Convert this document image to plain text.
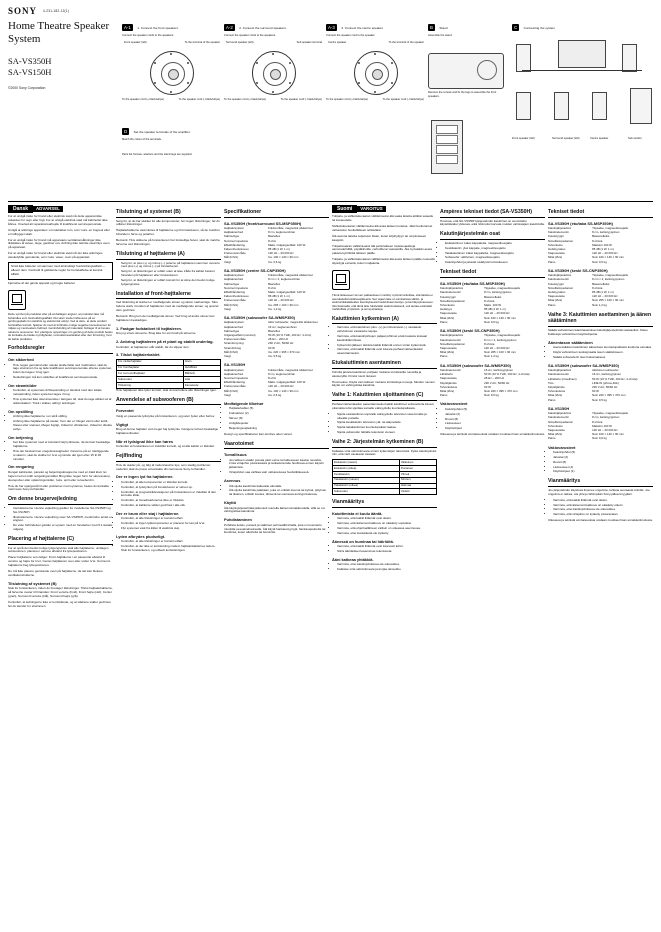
SONY 4-231-182-12(1)
Home Theatre Speaker System
SA-VS350H
SA-VS150H
©2000 Sony Corporation
A-1 1. Connect the front speakers.
Connect the speaker cords to the speakers.
Front speaker (left)	To the terminal of the speaker
To the speaker cord (+ black/stripe)	To the speaker cord (- black/stripe)
A-2 2. Connect the surround speakers.
Connect the speaker cords to the speakers.
Surround speaker (left)	Sub speaker terminal
To the speaker cord (+ black/stripe)	To the speaker cord (- black/stripe)
A-3 3. Connect the centre speaker.
Connect the speaker cord to the speaker.
Centre speaker	To the terminal of the speaker
To the speaker cord (+ black/stripe)	To the speaker cord (- black/stripe)
B Stand
Assemble the stand.
Remove the screws and fix the legs to assemble the front speakers.
C Connecting the system
Front speaker (left)	Surround speaker (left)	Centre speaker	Sub woofer
D Set the speaker terminals of the amplifier.
Match the colour of the terminals.
Parts list Screws, washers and the stand legs are supplied.
Dansk ADVARSEL

For at undgå risiko for brand eller elektrisk stød må dette apparat ikke udsættes for regn eller fugt. For at undgå elektrisk stød må kabinettet ikke åbnes. Overlad alt reparationsarbejde til kvalificeret servicepersonale.

Undgå at anbringe apparatet i et indelukket rum, som f.eks. en bogreol eller et indbygget skab.

For at undgå risiko for brand må apparatets ventilationsåbninger ikke tildækkes af aviser, duge, gardiner osv. Anbring ikke tændte stearinlys oven på apparatet.

For at undgå risiko for brand eller elektrisk stød må der ikke anbringes væskefyldte genstande, som f.eks. vaser, oven på apparatet.

Smid ikke batterier ud sammen med almindeligt husholdningsaffald — aflever dem i henhold til gældende regler for bortskaffelse af kemisk affald.

Fjernelse af det gamle apparat og brugte batterier

Dette symbol på produktet eller på emballagen angiver, at produktet ikke må behandles som husholdningsaffald. Det skal i stedet indleveres på en genbrugsplads for elektrisk og elektronisk udstyr. Ved at sikre, at dette produkt bortskaffes korrekt, hjælper du med at forhindre mulige negative konsekvenser for miljøet og menneskers helbred. Genindvinding af materialer bidrager til at bevare naturens ressourcer. For yderligere oplysninger om genbrug af dette produkt bedes du kontakte de lokale myndigheder, renovationsselskabet eller den forretning, hvor du købte produktet.

Forholdsregler
Om sikkerhed
• Hvis nogen genstand eller væske skulle falde ned i kabinettet, skal du tage strømmen fra og lade kvalificeret servicepersonale efterse systemet, inden det tages i brug igen.
• Netledningen må kun udskiftes af kvalificeret servicepersonale.
Om strømkilder
• Kontrollér, at systemets driftsspænding er identisk med den lokale netspænding, inden systemet tages i brug.
• Hvis systemet ikke skal anvendes i længere tid, skal du tage stikket ud af stikkontakten. Træk i stikket, aldrig i ledningen.
Om opstilling
• Anbring ikke højttalerne i en skrå stilling.
• Anbring ikke højttalerne på steder, hvor der er: Meget varmt eller koldt, Støvet eller snavset, Meget fugtigt, Udsat for vibrationer, Udsat for direkte sollys.
Om betjening
• Kør ikke systemet med et konstant højt lydniveau, da det kan beskadige højttalerne.
• Hvis der forekommer uregelmæssigheder i farverne på en nærliggende tv-skærm, skal du slukke for tv'et og tænde det igen efter 15 til 30 minutter.
Om rengøring

Rengør kabinettet, panelet og betjeningsknapperne med en blød klud, let fugtet med et mildt rengøringsmiddel. Brug ikke nogen form for skuresvamp, skurepulver eller opløsningsmidler, f.eks. sprit eller rensebenzin.

Hvis du har spørgsmål til eller problemer med systemet, bedes du kontakte nærmeste Sony-forhandler.

Om denne brugervejledning
• Instruktionerne i denne vejledning gælder for modellerne SA-VS350H og SA-VS150H.
• Illustrationerne i denne vejledning viser SA-VS350H, medmindre andet er angivet.
• De viste forbindelser gælder et system med en forstærker med 5.1-kanals udgang.
Placering af højttalerne (C)

For at opnå den bedst mulige lydgengivelse skal alle højttalerne, undtagen subwooferen, placeres i samme afstand fra lyttepositionen.

Placer højttalerne som følger: Front-højttalerne i en passende afstand til venstre og højre for tv'et. Center-højttaleren over eller under tv'et. Surround-højttalerne bag lyttepositionen.

Du må ikke placere genstande oven på højttalerne, da det kan blokere ventilationshullerne.

Tilslutning af systemet (B)

Sluk for forstærkeren, inden du foretager tilslutninger. Tilslut højttalerkablerne, så farverne svarer til hinanden: Front venstre (hvid), Front højre (rød), Center (grøn), Surround venstre (blå), Surround højre (grå).

Kontrollér, at ledningerne ikke er kortsluttede, og at stikkene sidder godt fast, før du tænder for strømmen.

Tilslutning af systemet (B)

Sørg for, at du har slukket for alle komponenter, før nogen tilslutninger, før du udfører tilslutninger.

Højttalerkablerne skal sluttes til højttalerne og til forstærkeren, så de matcher hinanden i farve og polaritet.

Bemærk: Hvis stikkene på forstærkeren har forskellige farver, skal du matche farverne ved tilslutningen.

Tilslutning af højttalerne (A)
• Sørg for, at plus (+) og minus (–) polerne på højttaleren stemmer overens med plus (+) og minus (–) på forstærkeren.
• Sørg for, at tilslutningen er udført uden at løse tråde fra kablet berører hinanden på højttaleren eller forstærkeren.
• Sørg for, at tilslutningen er udført korrekt for at sikre den bedst mulige lydgengivelse.
Installation af front-højttalerne

Ved tilslutning af stativet er medfølgende skruer og skiver nødvendige. Skru fodens stativ i bunden af højttaleren med de medfølgende skruer, og spænd dem godt fast.

Bemærk: Brug kun de medfølgende skruer. Ved brug af andre skruer kan højttaleren beskadiges.

1. Fastgør fodstativet til højttaleren.

Drej og stram skruerne. Brug ikke for stor kraft på skruerne.

2. Anbring højttaleren på et plant og stabilt underlag.

Kontrollér, at højttaleren står stabilt, før du slipper den.

3. Tilslut højttalerkablet.
For midterhøjttaler	Grøn
For fronthøjttaler	Hvid/Rød
For surroundhøjttaler	Blå/Grå
Subwoofer	Lilla
Tilslutning	Farvekode

Hvis højttaleren ikke lyder korrekt, skal du kontrollere alle tilslutninger igen.

Anvendelse af subwooferen (B)
Forventet

Vælg en passende lydstyrke på forstærkeren, og justér lyden efter behov.

Vigtigt

Brug af denne højttaler ved meget høj lydstyrke i længere tid kan beskadige højttalerenheden.

Når et lydsignal ikke kan høres

Kontrollér at forstærkeren er indstillet korrekt, og at alle kabler er tilsluttet.

Fejlfinding

Hvis du støder på, og følg af nedennævnte tips, som stadig problemer, nedenfor skal du prøve at kontakte din nærmeste Sony-forhandler.

Der er ingen lyd fra højttalerne.
• Kontrollér, at alle komponenter er tilsluttet korrekt.
• Kontrollér, at lydstyrken på forstærkeren er skruet op.
• Kontrollér, at programkildevælgeren på forstærkeren er indstillet til den korrekte kilde.
• Kontrollér, at hovedtelefonerne ikke er tilsluttet.
• Kontrollér, at kablerne sidder godt fast i alle stik.
Der er brum eller støj i højttalerne.
• Kontrollér, at alle tilslutninger er korrekt udført.
• Kontrollér, at ingen lydkomponenter er placeret for tæt på tv'et.
• Flyt systemet væk fra kilder til elektrisk støj.
Lyden afbrydes pludseligt.
• Kontrollér, at alle tilslutninger er korrekt udført.
• Kontrollér, at der ikke er kortslutning mellem højttalerkablernes ledere. Sluk for forstærkeren, og udbedr kortslutningen.
Specifikationer
SA-VS350H (front/surround SS-MSP350H)
Højttalersystem	Fuldområde, magnetisk afskærmet
Højttalerenhed	8 cm, keglemembran
Kabinettype	Basreflex
Nominel impedans	8 ohm
Effekthåndtering	Maks. indgangseffekt: 100 W
Følsomhedsniveau	85 dB (1 W, 1 m)
Frekvensområde	120 Hz – 20 000 Hz
Mål (b/h/d)	Ca. 100 × 140 × 90 mm
Vægt	Ca. 0,6 kg
SA-VS350H (centre SS-CNP350H)
Højttalersystem	Fuldområde, magnetisk afskærmet
Højttalerenhed	8 cm × 2, keglemembran
Kabinettype	Basreflex
Nominel impedans	8 ohm
Effekthåndtering	Maks. indgangseffekt: 100 W
Følsomhedsniveau	86 dB (1 W, 1 m)
Frekvensområde	120 Hz – 20 000 Hz
Mål (b/h/d)	Ca. 265 × 100 × 90 mm
Vægt	Ca. 1,2 kg
SA-VS350H (subwoofer SA-WMSP350)
Højttalersystem	Aktiv subwoofer, magnetisk afskærmet
Højttalerenhed	16 cm, keglemembran
Kabinettype	Basreflex
Udgangseffekt (nominel)	50 W (10 % THD, 100 Hz, 4 ohm)
Frekvensområde	28 Hz – 200 Hz
Strømforsyning	230 V AC, 50/60 Hz
Strømforbrug	60 W
Mål (b/h/d)	Ca. 220 × 395 × 370 mm
Vægt	Ca. 9,5 kg
SA-VS150H
Højttalersystem	Fuldområde, magnetisk afskærmet
Højttalerenhed	8 cm, keglemembran
Nominel impedans	8 ohm
Effekthåndtering	Maks. indgangseffekt: 100 W
Frekvensområde	120 Hz – 20 000 Hz
Mål (b/h/d)	Ca. 100 × 140 × 90 mm
Vægt	Ca. 0,6 kg
Medfølgende tilbehør
• Højttalerkabler (5)
• Fodstativer (2)
• Skruer (8)
• Antiglidepuder
• Betjeningsvejledning

Design og specifikationer kan ændres uden varsel.

Vaarotoimet
Turvallisuus
• Jos laitteen sisään putoaa jokin esine tai laitteeseen kaatuu nestettä, irrota virtajohto pistorasiasta ja tarkastuta laite huollossa ennen käytön jatkamista.
• Virtajohdon saa vaihtaa vain valtuutetussa huoltoliikkeessä.
Asennus
• Älä sijoita kaiuttimia kaltevalle alustalle.
• Älä sijoita kaiuttimia paikkaan, joka on erittäin kuuma tai kylmä, pölyinen tai likainen, erittäin kostea, tärisevä tai suorassa auringonvalossa.
Käyttö

Älä käytä järjestelmää jatkuvasti suurella äänenvoimakkuudella, sillä se voi vahingoittaa kaiuttimia.

Puhdistaminen

Puhdista kotelo, paneeli ja säätimet pehmeällä liinalla, joka on kostutettu miedolla pesuaineliuoksella. Älä käytä hankaustyynyjä, hankausjauhetta tai liuottimia, kuten alkoholia tai bensiiniä.

Suomi VAROITUS

Tulipalo- ja sähköiskuvaaran välttämiseksi älä saata laitetta alttiiksi sateelle tai kosteudelle.

Sähköiskuvaaran välttämiseksi älä avaa laitteen koteloa. Jätä huoltotoimet valtuutetun huoltoliikkeen tehtäväksi.

Älä asenna laitetta suljettuun tilaan, kuten kirjahyllyyn tai umpinaiseen kaappiin.

Tulipalovaaran välttämiseksi älä peitä laitteen tuuletusaukkoja sanomalehdillä, pöytäliinoilla, verhoilla tai vastaavilla. Älä myöskään aseta palavia kynttilöitä laitteen päälle.

Tulipalo- ja sähköiskuvaaran välttämiseksi älä aseta laitteen päälle nesteellä täytettyjä esineitä, kuten maljakoita.

Tämä laitteeseen tai sen pakkaukseen merkitty symboli tarkoittaa, että laitetta ei saa käsitellä kotitalousjätteenä. Sen sijaan laite on toimitettava sähkö- ja elektroniikkalaitteiden kierrätyksestä huolehtivaan keräys- ja kierrätyspisteeseen. Varmistamalla, että tämä laite hävitetään asianmukaisesti, voit auttaa estämään mahdollisia ympäristö- ja terveyshaittoja.

Kaiuttimien kytkeminen (A)
• Varmista, että kaiuttimen plus- (+) ja miinusnavat (–) vastaavat vahvistimen vastaavia napoja.
• Varmista, että kaiutinjohtojen paljaat johtimet eivät kosketa toisiaan kaiutinliitännöissä.
• Kytkennän jälkeen tarkista kaikki liitännät ennen virran kytkemistä.
• Varmista, että kaikki liitännät ovat tukevia parhaan äänenlaadun saavuttamiseksi.
Etukaiuttimien asentaminen

Kiinnitä jalusta kaiuttimen pohjaan mukana toimitetuilla ruuveilla ja aluslevyillä. Kiristä ruuvit tiukasti.

Huomautus: Käytä vain laitteen mukana toimitettuja ruuveja. Muiden ruuvien käyttö voi vahingoittaa kaiutinta.

Vaihe 1: Kaiuttimien sijoittaminen (C)

Parhaan äänenlaadun saavuttamiseksi kaikki kaiuttimet subwooferia lukuun ottamatta tulisi sijoittaa samalle etäisyydelle kuuntelupaikasta.

• Sijoita etukaiuttimet sopivalle etäisyydelle television vasemmalle ja oikealle puolelle.
• Sijoita keskikaiutin television ylä- tai alapuolelle.
• Sijoita takakaiuttimet kuuntelupaikan taakse.
• Sijoita subwoofer lattialle television viereen.
Vaihe 2: Järjestelmän kytkeminen (B)

Katkaise virta vahvistimesta ennen kytkentöjen tekemistä. Kytke kaiutinjohdot niin, että värit vastaavat toisiaan.

Etukaiutin (vasen)	Valkoinen
Etukaiutin (oikea)	Punainen
Keskikaiutin	Vihreä
Takakaiutin (vasen)	Sininen
Takakaiutin (oikea)	Harmaa
Subwoofer	Violetti
Vianmääritys
Kaiuttimista ei kuulu ääntä.
• Varmista, että kaikki liitännät ovat oikein.
• Varmista, että äänenvoimakkuus on säädetty sopivaksi.
• Varmista, että ohjelmalähteen valitsin on oikeassa asennossa.
• Varmista, ettei kuulokkeita ole kytketty.
Äänessä on huminaa tai häiriöitä.
• Varmista, että kaikki liitännät ovat tukevasti kiinni.
• Siirrä äänilaitteet kauemmas televisiosta.
Ääni katkeaa yhtäkkiä.
• Varmista, ettei kaiutinjohdoissa ole oikosulkua.
• Katkaise virta vahvistimesta ja korjaa oikosulku.
Ampères tekniset tiedot (SA-VS350H)

Huomaa, että SA-VS350H-järjestelmän kaiuttimet on suunniteltu käytettäväksi yhdessä, eikä niitä tulisi korvata muiden valmistajien kaiuttimilla.

Kaiutinjärjestelmän osat
• Etukaiuttimet: kaksi kappaletta, magneettisuojattu
• Keskikaiutin: yksi kappale, magneettisuojattu
• Takakaiuttimet: kaksi kappaletta, magneettisuojattu
• Subwoofer: aktiivinen, magneettisuojattu
• Kaiutinjohdot ja jalustat sisältyvät toimitukseen
Tekniset tiedot
SA-VS350H (etu/taka SS-MSP350H)
Kaiutinjärjestelmä	Täysalue, magneettisuojattu
Kaiutinelementti	8 cm, kartiotyyppinen
Kotelotyyppi	Bassorefleksi
Nimellisimpedanssi	8 ohmia
Tehonkesto	Maks. 100 W
Herkkyys	85 dB (1 W, 1 m)
Taajuusvaste	120 Hz – 20 000 Hz
Mitat (l/k/s)	Noin 100 × 140 × 90 mm
Paino	Noin 0,6 kg
SA-VS350H (keski SS-CNP350H)
Kaiutinjärjestelmä	Täysalue, magneettisuojattu
Kaiutinelementti	8 cm × 2, kartiotyyppinen
Nimellisimpedanssi	8 ohmia
Taajuusvaste	120 Hz – 20 000 Hz
Mitat (l/k/s)	Noin 265 × 100 × 90 mm
Paino	Noin 1,2 kg
SA-VS350H (subwoofer SA-WMSP350)
Kaiutinelementti	16 cm, kartiotyyppinen
Lähtöteho	50 W (10 % THD, 100 Hz, 4 ohmia)
Taajuusvaste	28 Hz – 200 Hz
Käyttöjännite	230 V AC, 50/60 Hz
Tehonkulutus	60 W
Mitat (l/k/s)	Noin 220 × 395 × 370 mm
Paino	Noin 9,5 kg
Vakiovarusteet
• Kaiutinjohdot (5)
• Jalustat (2)
• Ruuvit (8)
• Liukuesteet
• Käyttöohjeet

Ulkoasua ja teknisiä ominaisuuksia voidaan muuttaa ilman ennakkoilmoitusta.

Tekniset tiedot
SA-VS350H (etu/taka SS-MSP350H)
Kaiutinjärjestelmä	Täysalue, magneettisuojattu
Kaiutinelementti	8 cm, kartiotyyppinen
Kotelotyyppi	Bassorefleksi
Nimellisimpedanssi	8 ohmia
Tehonkesto	Maksimi 100 W
Herkkyystaso	85 dB (1 W, 1 m)
Taajuusvaste	120 Hz – 20 000 Hz
Mitat (l/k/s)	Noin 100 × 140 × 90 mm
Paino	Noin 0,6 kg
SA-VS350H (keski SS-CNP350H)
Kaiutinjärjestelmä	Täysalue, magneettisuojattu
Kaiutinelementti	8 cm × 2, kartiotyyppinen
Kotelotyyppi	Bassorefleksi
Nimellisimpedanssi	8 ohmia
Herkkyystaso	86 dB (1 W, 1 m)
Taajuusvaste	120 Hz – 20 000 Hz
Mitat (l/k/s)	Noin 265 × 100 × 90 mm
Paino	Noin 1,2 kg
Vaihe 3: Kaiuttimien asettaminen ja äänen säätäminen

Säädä vahvistimen kaiutinasetukset kaiutinjärjestelmää vastaaviksi. Katso lisätietoja vahvistimen käyttöohjeista.

Äänentason säätäminen
• Aseta kaikkien kaiuttimien äänentaso kuuntelupaikasta kuultuna samaksi.
• Käytä vahvistimen testisignaalia tason säätämiseen.
• Säädä subwooferin taso haluamaksesi.
SA-VS350H (subwoofer SA-WMSP350)
Kaiutinjärjestelmä	Aktiivinen subwoofer
Kaiutinelementti	16 cm, kartiotyyppinen
Lähtöteho (nimellinen)	50 W (10 % THD, 100 Hz, 4 ohmia)
Tulo	LINE IN (phono-liitin)
Käyttöjännite	230 V AC, 50/60 Hz
Tehonkulutus	60 W
Mitat (l/k/s)	Noin 220 × 395 × 370 mm
Paino	Noin 9,5 kg
SA-VS150H
Kaiutinjärjestelmä	Täysalue, magneettisuojattu
Kaiutinelementti	8 cm, kartiotyyppinen
Nimellisimpedanssi	8 ohmia
Tehonkesto	Maksimi 100 W
Taajuusvaste	120 Hz – 20 000 Hz
Mitat (l/k/s)	Noin 100 × 140 × 90 mm
Paino	Noin 0,6 kg
Vakiovarusteet
• Kaiutinjohdot (5)
• Jalustat (2)
• Ruuvit (8)
• Liukuesteet (4)
• Käyttöohjeet (1)
Vianmääritys

Jos järjestelmän käytössä ilmenee ongelmia, tarkista seuraavat kohdat. Jos ongelma ei ratkea, ota yhteys lähimpään Sony-jälleenmyyjään.

• Varmista, että kaikki liitännät ovat oikein.
• Varmista, että äänenvoimakkuus on säädetty oikein.
• Varmista, ettei kaiutinjohdoissa ole oikosulkua.
• Varmista, että virtajohto on kytketty pistorasiaan.

Ulkoasua ja teknisiä ominaisuuksia voidaan muuttaa ilman ennakkoilmoitusta.
